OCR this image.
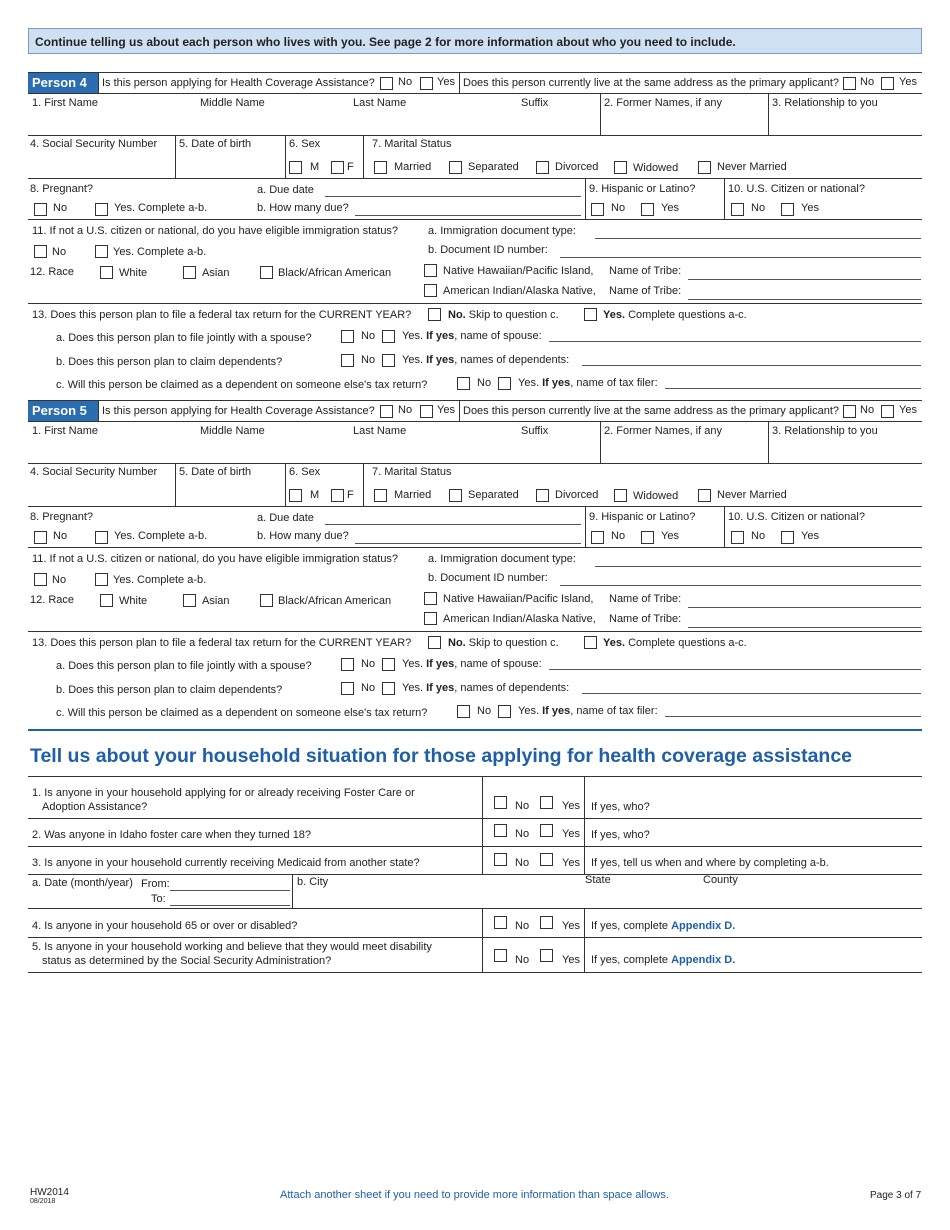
Continue telling us about each person who lives with you. See page 2 for more information about who you need to include.
Person 4	Is this person applying for Health Coverage Assistance? No Yes Does this person currently live at the same address as the primary applicant? No Yes
1. First Name	Middle Name	Last Name	Suffix	2. Former Names, if any	3. Relationship to you
4. Social Security Number 5. Date of birth	6. Sex	7. Marital Status
M	F	Married	Separated	Divorced	Widowed	Never Married
8. Pregnant?
No	Yes. Complete a-b.
a. Due date
b. How many due?
9. Hispanic or Latino?
No	Yes
10. U.S. Citizen or national?
No	Yes
11. If not a U.S. citizen or national, do you have eligible immigration status?
No	Yes. Complete a-b.
a. Immigration document type:
b. Document ID number:
12. Race	White	Asian	Black/African American	Native Hawaiian/Pacific Island, Name of Tribe:
American Indian/Alaska Native, Name of Tribe:
13. Does this person plan to file a federal tax return for the CURRENT YEAR?	No. Skip to question c.	Yes. Complete questions a-c.
a. Does this person plan to file jointly with a spouse?	No Yes. If yes, name of spouse:
b. Does this person plan to claim dependents?	No Yes. If yes, names of dependents:
c. Will this person be claimed as a dependent on someone else's tax return?	No Yes. If yes, name of tax filer:
Person 5	Is this person applying for Health Coverage Assistance? No Yes Does this person currently live at the same address as the primary applicant? No Yes
1. First Name	Middle Name	Last Name	Suffix	2. Former Names, if any	3. Relationship to you
4. Social Security Number 5. Date of birth	6. Sex	7. Marital Status
M	F	Married	Separated	Divorced	Widowed	Never Married
8. Pregnant?
No	Yes. Complete a-b.
a. Due date
b. How many due?
9. Hispanic or Latino?
No	Yes
10. U.S. Citizen or national?
No	Yes
11. If not a U.S. citizen or national, do you have eligible immigration status?
No	Yes. Complete a-b.
a. Immigration document type:
b. Document ID number:
12. Race	White	Asian	Black/African American	Native Hawaiian/Pacific Island, Name of Tribe:
American Indian/Alaska Native, Name of Tribe:
13. Does this person plan to file a federal tax return for the CURRENT YEAR?	No. Skip to question c.	Yes. Complete questions a-c.
a. Does this person plan to file jointly with a spouse?	No Yes. If yes, name of spouse:
b. Does this person plan to claim dependents?	No Yes. If yes, names of dependents:
c. Will this person be claimed as a dependent on someone else's tax return?	No Yes. If yes, name of tax filer:
Tell us about your household situation for those applying for health coverage assistance
1. Is anyone in your household applying for or already receiving Foster Care or
Adoption Assistance?	No	Yes If yes, who?
2. Was anyone in Idaho foster care when they turned 18?	No	Yes If yes, who?
3. Is anyone in your household currently receiving Medicaid from another state?	No	Yes If yes, tell us when and where by completing a-b.
a. Date (month/year) From:
To:
b. City	State	County
4. Is anyone in your household 65 or over or disabled?	No	Yes If yes, complete Appendix D.
5. Is anyone in your household working and believe that they would meet disability
status as determined by the Social Security Administration?	No	Yes If yes, complete Appendix D.
HW2014
08/2018
Attach another sheet if you need to provide more information than space allows.	Page 3 of 7
